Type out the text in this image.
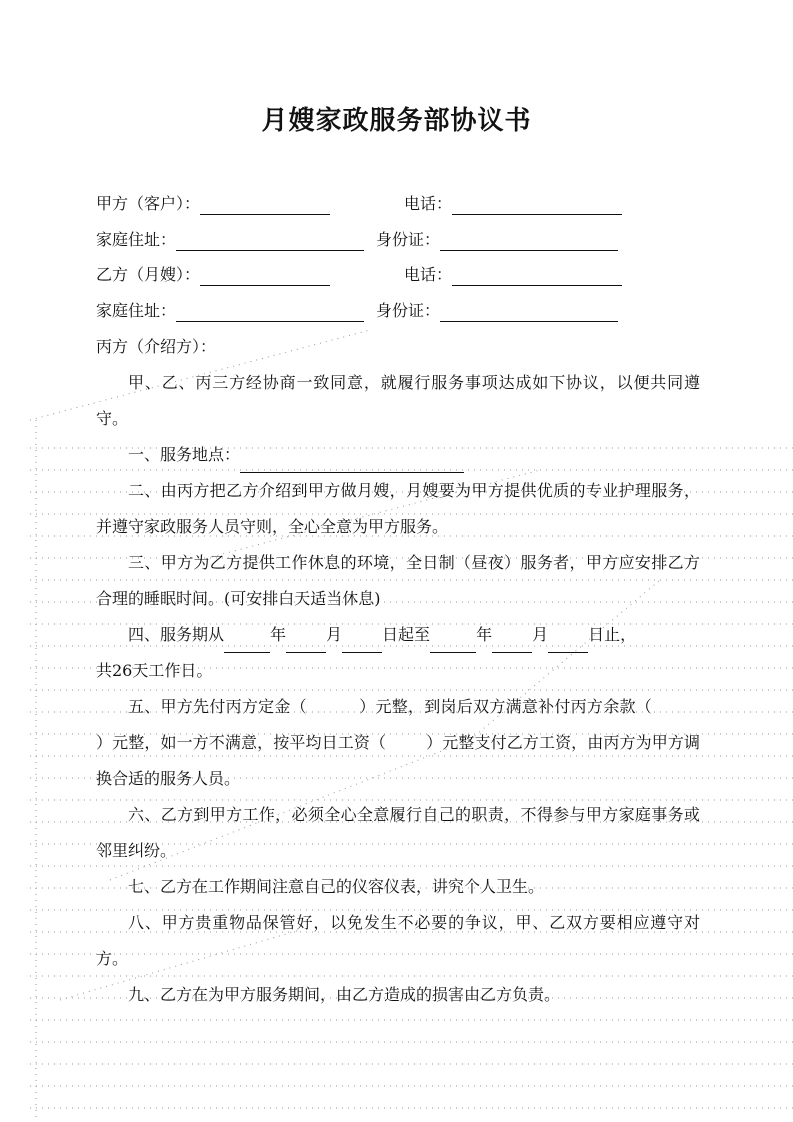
月嫂家政服务部协议书
甲方（客户）：	电话：
家庭住址：	身份证：
乙方（月嫂）：	电话：
家庭住址：	身份证：
丙方（介绍方）：
甲、乙、丙三方经协商一致同意，就履行服务事项达成如下协议，以便共同遵守。
一、服务地点：
二、由丙方把乙方介绍到甲方做月嫂，月嫂要为甲方提供优质的专业护理服务，并遵守家政服务人员守则，全心全意为甲方服务。
三、甲方为乙方提供工作休息的环境，全日制（昼夜）服务者，甲方应安排乙方合理的睡眠时间。(可安排白天适当休息)
四、服务期从	年	月	日起至	年	月	日止，
共26天工作日。
五、甲方先付丙方定金（	）元整，到岗后双方满意补付丙方余款（）元整，如一方不满意，按平均日工资（	）元整支付乙方工资，由丙方为甲方调换合适的服务人员。
六、乙方到甲方工作，必须全心全意履行自己的职责，不得参与甲方家庭事务或邻里纠纷。
七、乙方在工作期间注意自己的仪容仪表，讲究个人卫生。
八、甲方贵重物品保管好，以免发生不必要的争议，甲、乙双方要相应遵守对方。
九、乙方在为甲方服务期间，由乙方造成的损害由乙方负责。
